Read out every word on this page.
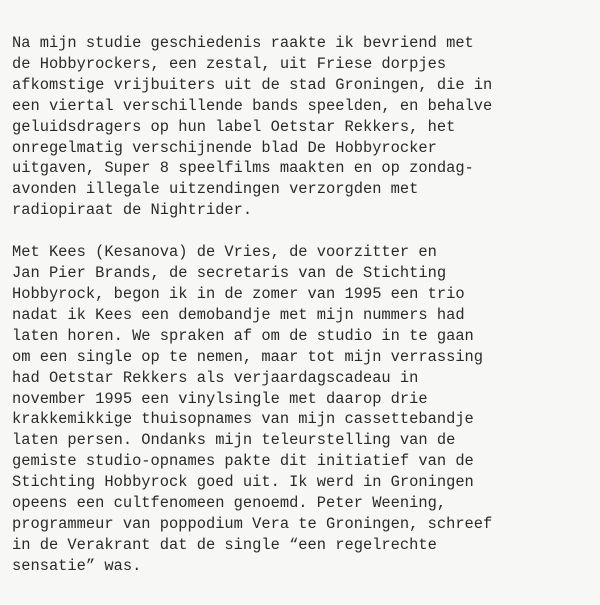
Na mijn studie geschiedenis raakte ik bevriend met
de Hobbyrockers, een zestal, uit Friese dorpjes
afkomstige vrijbuiters uit de stad Groningen, die in
een viertal verschillende bands speelden, en behalve
geluidsdragers op hun label Oetstar Rekkers, het
onregelmatig verschijnende blad De Hobbyrocker
uitgaven, Super 8 speelfilms maakten en op zondag-
avonden illegale uitzendingen verzorgden met
radiopiraat de Nightrider.
Met Kees (Kesanova) de Vries, de voorzitter en
Jan Pier Brands, de secretaris van de Stichting
Hobbyrock, begon ik in de zomer van 1995 een trio
nadat ik Kees een demobandje met mijn nummers had
laten horen. We spraken af om de studio in te gaan
om een single op te nemen, maar tot mijn verrassing
had Oetstar Rekkers als verjaardagscadeau in
november 1995 een vinylsingle met daarop drie
krakkemikkige thuisopnames van mijn cassettebandje
laten persen. Ondanks mijn teleurstelling van de
gemiste studio-opnames pakte dit initiatief van de
Stichting Hobbyrock goed uit. Ik werd in Groningen
opeens een cultfenomeen genoemd. Peter Weening,
programmeur van poppodium Vera te Groningen, schreef
in de Verakrant dat de single “een regelrechte
sensatie” was.
